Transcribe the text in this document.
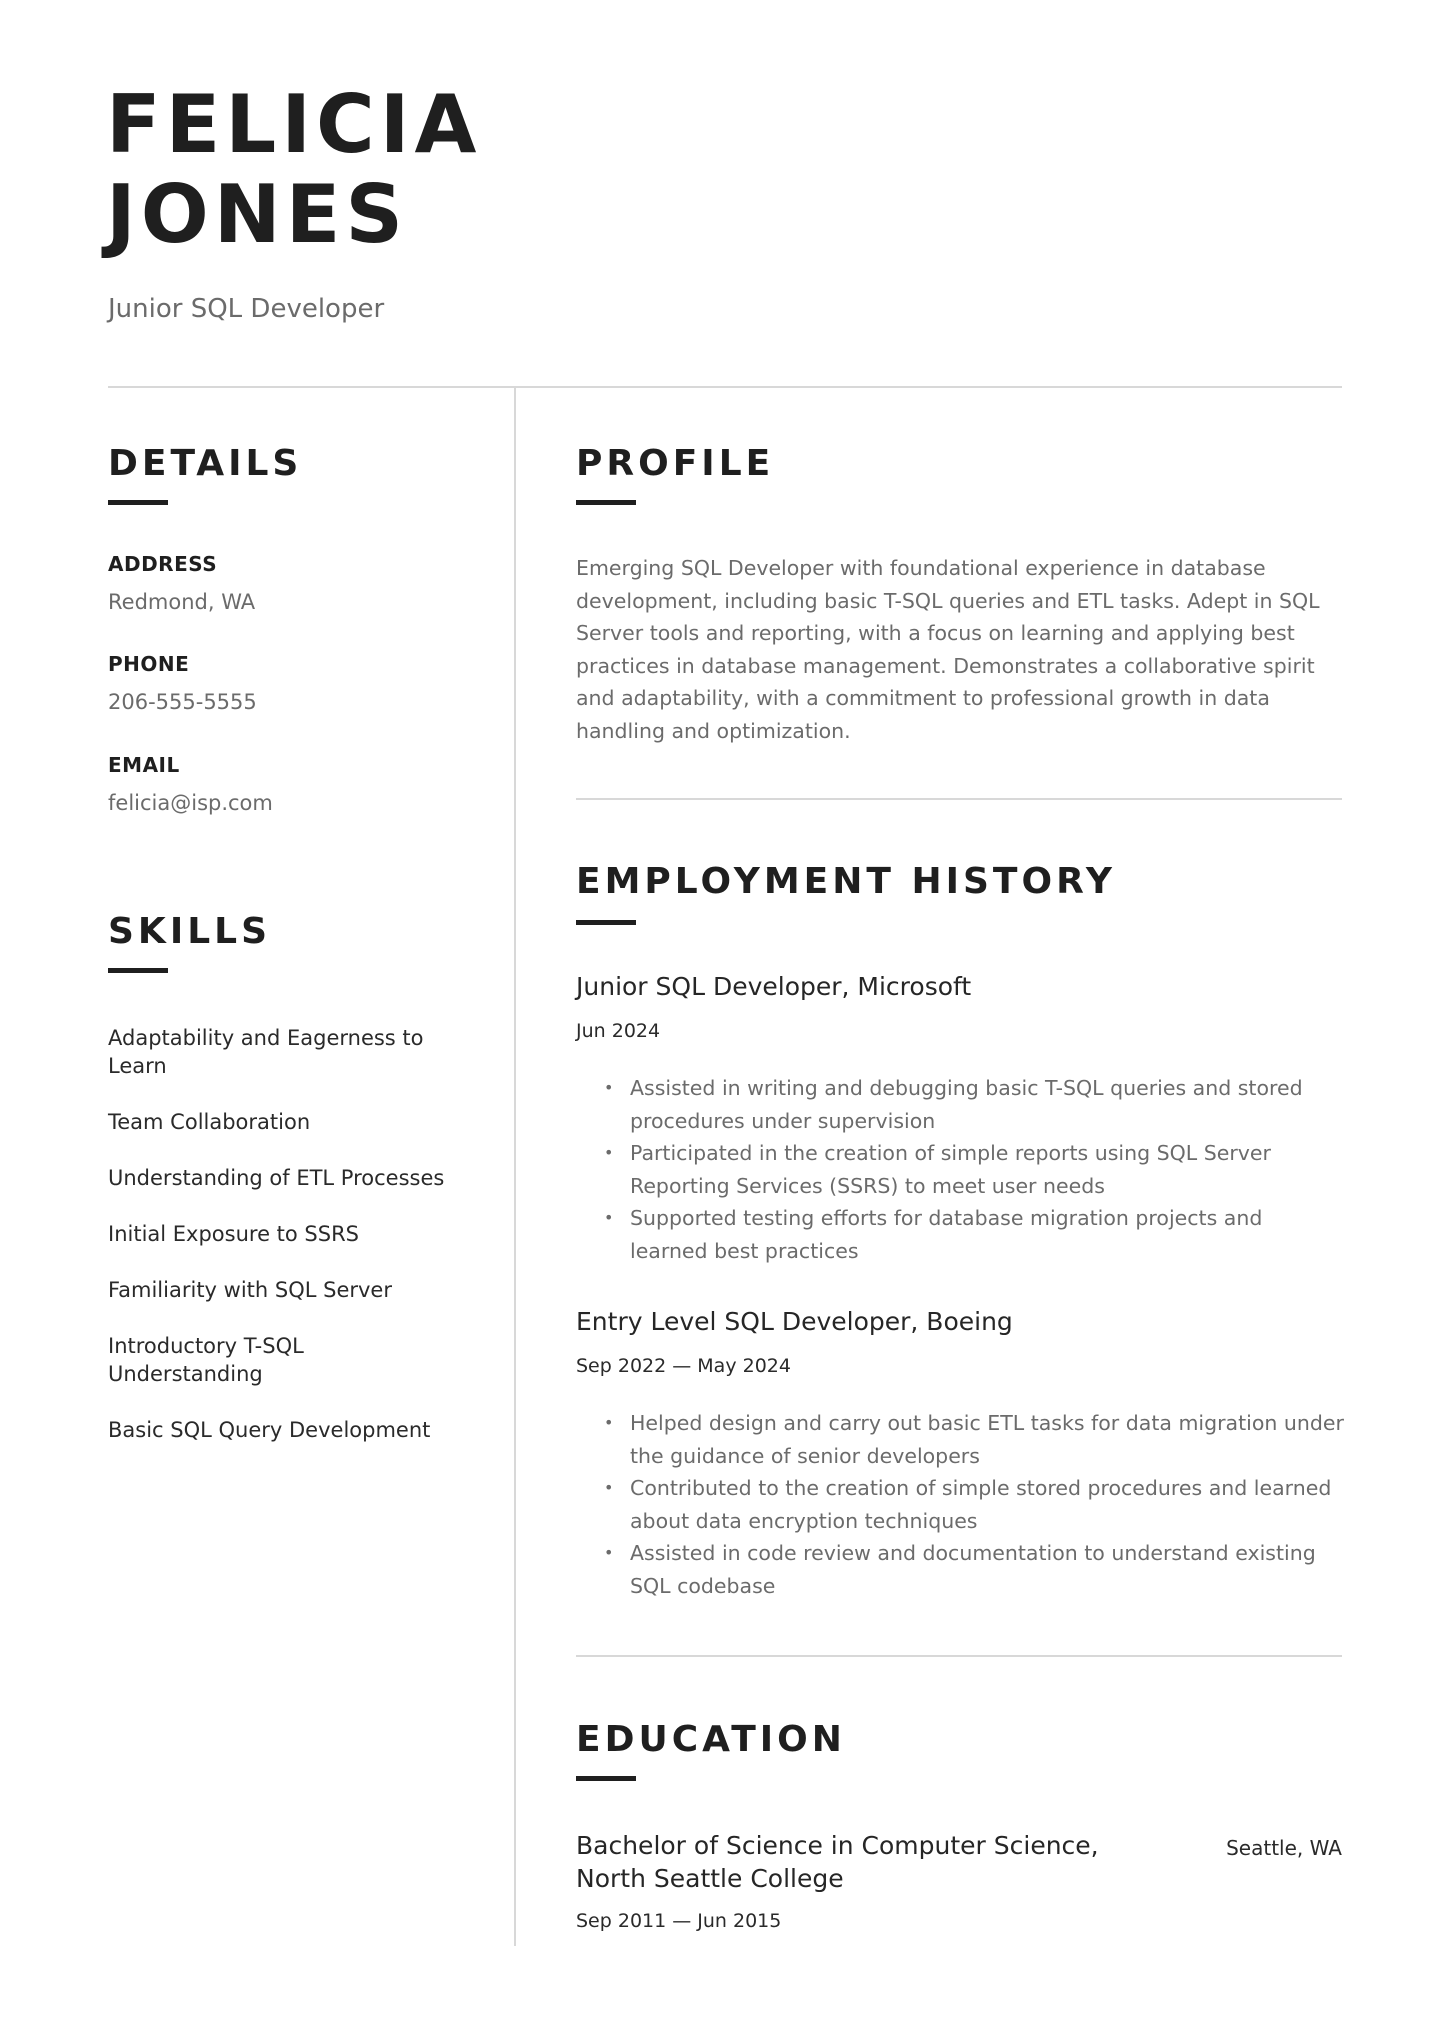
FELICIA
JONES

Junior SQL Developer

DETAILS

ADDRESS

Redmond, WA

PHONE

206-555-5555

EMAIL

felicia@isp.com

SKILLS
Adaptability and Eagerness to Learn
Team Collaboration
Understanding of ETL Processes
Initial Exposure to SSRS
Familiarity with SQL Server
Introductory T-SQL Understanding
Basic SQL Query Development
PROFILE

Emerging SQL Developer with foundational experience in database development, including basic T-SQL queries and ETL tasks. Adept in SQL Server tools and reporting, with a focus on learning and applying best practices in database management. Demonstrates a collaborative spirit and adaptability, with a commitment to professional growth in data handling and optimization.

EMPLOYMENT HISTORY
Junior SQL Developer, Microsoft

Jun 2024

• Assisted in writing and debugging basic T-SQL queries and stored procedures under supervision
• Participated in the creation of simple reports using SQL Server Reporting Services (SSRS) to meet user needs
• Supported testing efforts for database migration projects and learned best practices
Entry Level SQL Developer, Boeing

Sep 2022 — May 2024

• Helped design and carry out basic ETL tasks for data migration under the guidance of senior developers
• Contributed to the creation of simple stored procedures and learned about data encryption techniques
• Assisted in code review and documentation to understand existing SQL codebase
EDUCATION
Bachelor of Science in Computer Science, North Seattle College

Seattle, WA

Sep 2011 — Jun 2015
